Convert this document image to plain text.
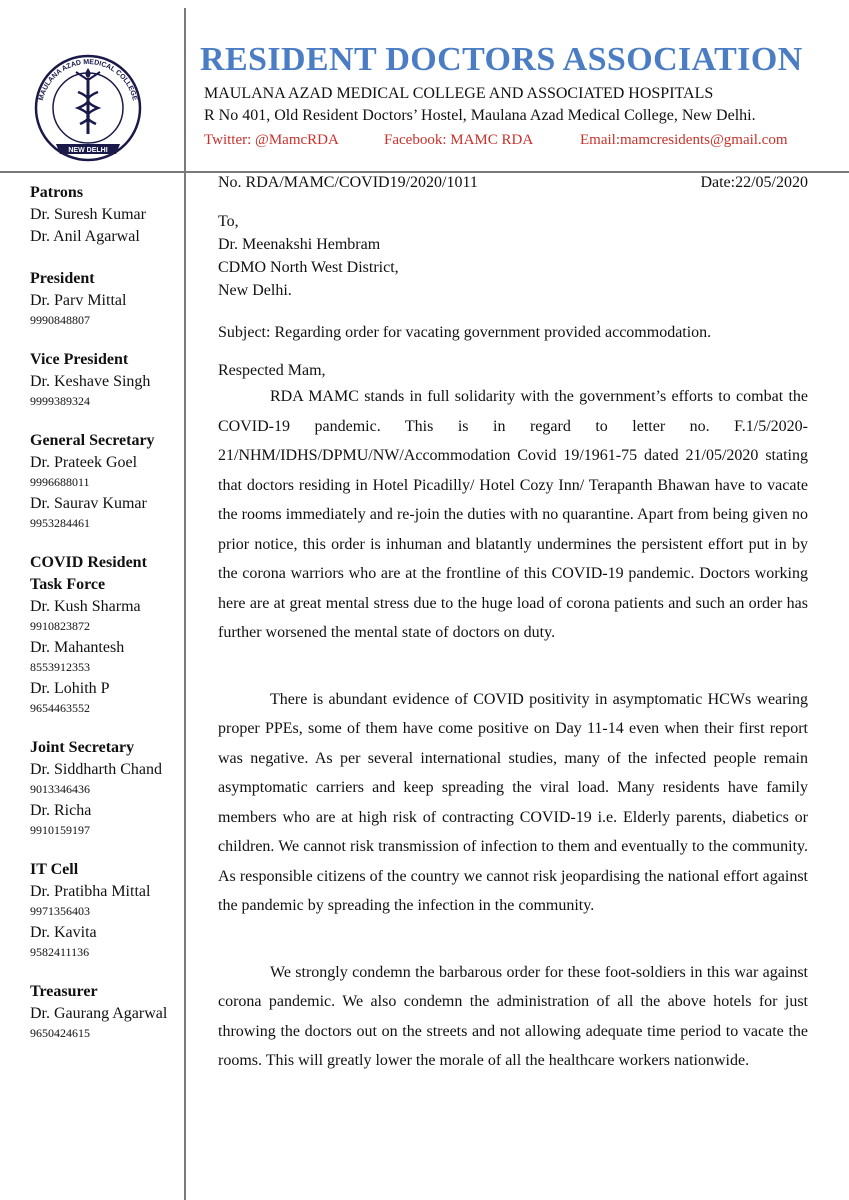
NEW DELHI
MAULANA AZAD MEDICAL COLLEGE
RESIDENT DOCTORS ASSOCIATION
MAULANA AZAD MEDICAL COLLEGE AND ASSOCIATED HOSPITALS
R No 401, Old Resident Doctors’ Hostel, Maulana Azad Medical College, New Delhi.
Twitter: @MamcRDA	Facebook: MAMC RDA	Email:mamcresidents@gmail.com
Patrons
Dr. Suresh Kumar
Dr. Anil Agarwal
President
Dr. Parv Mittal
9990848807
Vice President
Dr. Keshave Singh
9999389324
General Secretary
Dr. Prateek Goel
9996688011
Dr. Saurav Kumar
9953284461
COVID Resident Task Force
Dr. Kush Sharma
9910823872
Dr. Mahantesh
8553912353
Dr. Lohith P
9654463552
Joint Secretary
Dr. Siddharth Chand
9013346436
Dr. Richa
9910159197
IT Cell
Dr. Pratibha Mittal
9971356403
Dr. Kavita
9582411136
Treasurer
Dr. Gaurang Agarwal
9650424615
No. RDA/MAMC/COVID19/2020/1011	Date:22/05/2020
To,
Dr. Meenakshi Hembram
CDMO North West District,
New Delhi.
Subject: Regarding order for vacating government provided accommodation.
Respected Mam,

RDA MAMC stands in full solidarity with the government’s efforts to combat the COVID-19 pandemic. This is in regard to letter no. F.1/5/2020-21/NHM/IDHS/DPMU/NW/Accommodation Covid 19/1961-75 dated 21/05/2020 stating that doctors residing in Hotel Picadilly/ Hotel Cozy Inn/ Terapanth Bhawan have to vacate the rooms immediately and re-join the duties with no quarantine. Apart from being given no prior notice, this order is inhuman and blatantly undermines the persistent effort put in by the corona warriors who are at the frontline of this COVID-19 pandemic. Doctors working here are at great mental stress due to the huge load of corona patients and such an order has further worsened the mental state of doctors on duty.

There is abundant evidence of COVID positivity in asymptomatic HCWs wearing proper PPEs, some of them have come positive on Day 11-14 even when their first report was negative. As per several international studies, many of the infected people remain asymptomatic carriers and keep spreading the viral load. Many residents have family members who are at high risk of contracting COVID-19 i.e. Elderly parents, diabetics or children. We cannot risk transmission of infection to them and eventually to the community. As responsible citizens of the country we cannot risk jeopardising the national effort against the pandemic by spreading the infection in the community.

We strongly condemn the barbarous order for these foot-soldiers in this war against corona pandemic. We also condemn the administration of all the above hotels for just throwing the doctors out on the streets and not allowing adequate time period to vacate the rooms. This will greatly lower the morale of all the healthcare workers nationwide.
